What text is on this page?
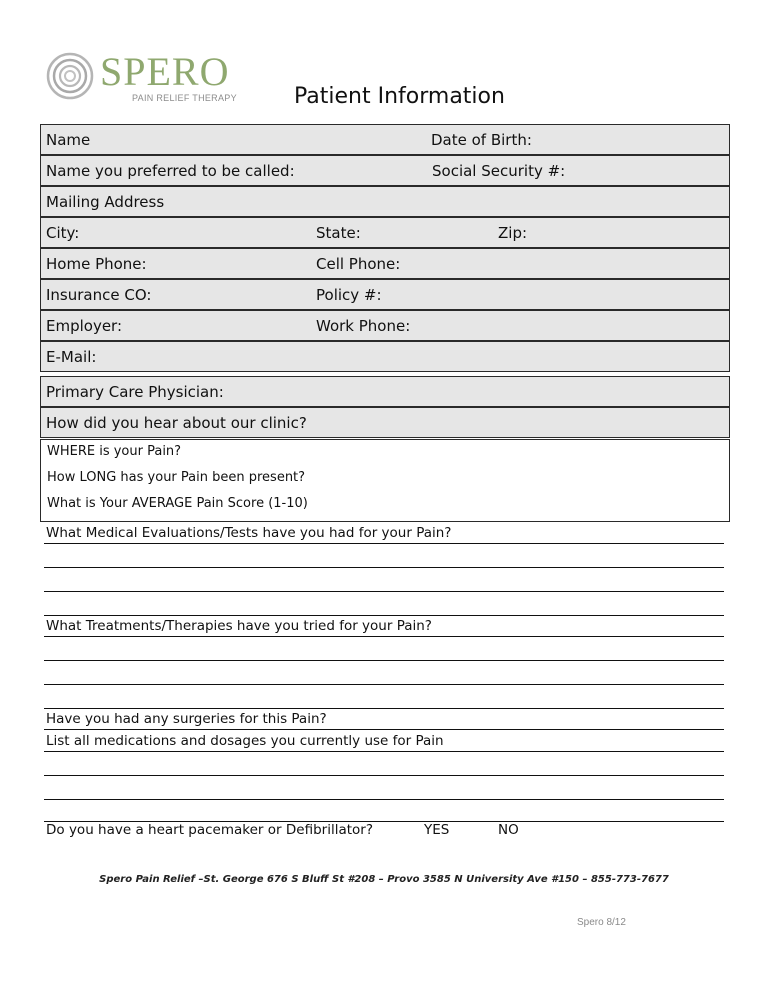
SPERO
PAIN RELIEF THERAPY	Patient Information
Name	Date of Birth:
Name you preferred to be called:	Social Security #:
Mailing Address
City:	State:	Zip:
Home Phone:	Cell Phone:
Insurance CO:	Policy #:
Employer:	Work Phone:
E-Mail:
Primary Care Physician:
How did you hear about our clinic?
WHERE is your Pain?
How LONG has your Pain been present?
What is Your AVERAGE Pain Score (1-10)
What Medical Evaluations/Tests have you had for your Pain?
What Treatments/Therapies have you tried for your Pain?
Have you had any surgeries for this Pain?
List all medications and dosages you currently use for Pain
Do you have a heart pacemaker or Defibrillator?	YES	NO
Spero Pain Relief –St. George 676 S Bluff St #208 – Provo 3585 N University Ave #150 – 855-773-7677
Spero 8/12
